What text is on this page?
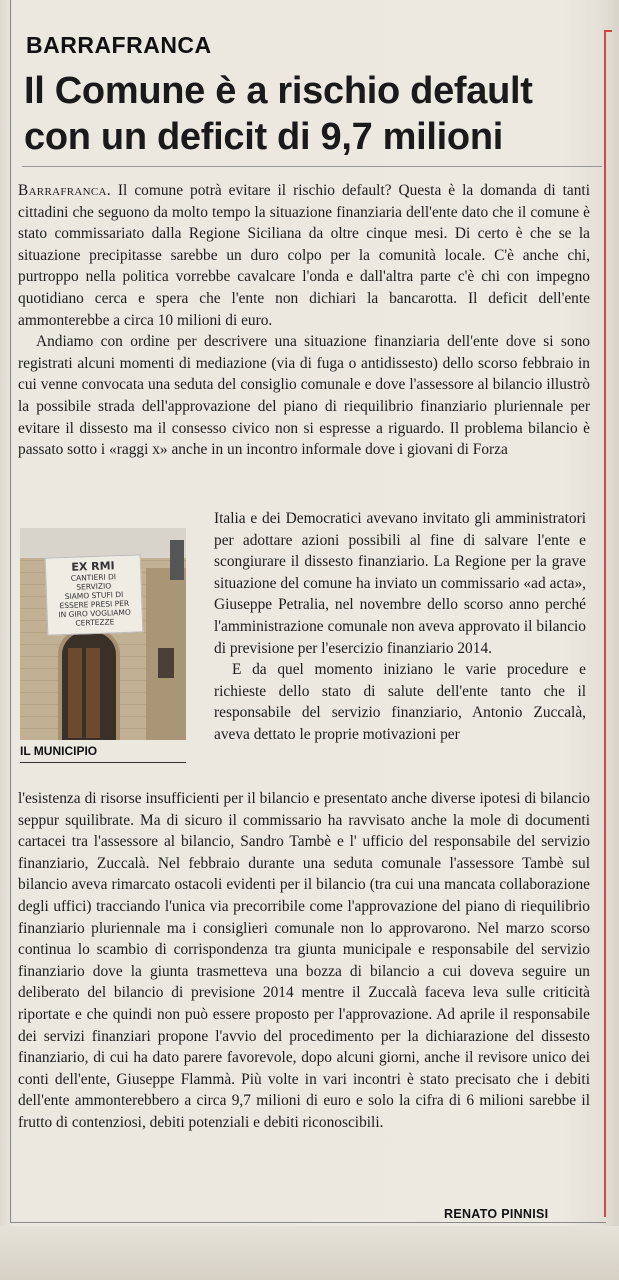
BARRAFRANCA
Il Comune è a rischio default
con un deficit di 9,7 milioni

Barrafranca. Il comune potrà evitare il rischio default? Questa è la domanda di tanti cittadini che seguono da molto tempo la situazione finanziaria dell'ente dato che il comune è stato commissariato dalla Regione Siciliana da oltre cinque mesi. Di certo è che se la situazione precipitasse sarebbe un duro colpo per la comunità locale. C'è anche chi, purtroppo nella politica vorrebbe cavalcare l'onda e dall'altra parte c'è chi con impegno quotidiano cerca e spera che l'ente non dichiari la bancarotta. Il deficit dell'ente ammonterebbe a circa 10 milioni di euro.

Andiamo con ordine per descrivere una situazione finanziaria dell'ente dove si sono registrati alcuni momenti di mediazione (via di fuga o antidissesto) dello scorso febbraio in cui venne convocata una seduta del consiglio comunale e dove l'assessore al bilancio illustrò la possibile strada dell'approvazione del piano di riequilibrio finanziario pluriennale per evitare il dissesto ma il consesso civico non si espresse a riguardo. Il problema bilancio è passato sotto i «raggi x» anche in un incontro informale dove i giovani di Forza

EX RMI
CANTIERI DI
SERVIZIO
SIAMO STUFI DI
ESSERE PRESI PER
IN GIRO VOGLIAMO
CERTEZZE
IL MUNICIPIO

Italia e dei Democratici avevano invitato gli amministratori per adottare azioni possibili al fine di salvare l'ente e scongiurare il dissesto finanziario. La Regione per la grave situazione del comune ha inviato un commissario «ad acta», Giuseppe Petralia, nel novembre dello scorso anno perché l'amministrazione comunale non aveva approvato il bilancio di previsione per l'esercizio finanziario 2014.

E da quel momento iniziano le varie procedure e richieste dello stato di salute dell'ente tanto che il responsabile del servizio finanziario, Antonio Zuccalà, aveva dettato le proprie motivazioni per

l'esistenza di risorse insufficienti per il bilancio e presentato anche diverse ipotesi di bilancio seppur squilibrate. Ma di sicuro il commissario ha ravvisato anche la mole di documenti cartacei tra l'assessore al bilancio, Sandro Tambè e l' ufficio del responsabile del servizio finanziario, Zuccalà. Nel febbraio durante una seduta comunale l'assessore Tambè sul bilancio aveva rimarcato ostacoli evidenti per il bilancio (tra cui una mancata collaborazione degli uffici) tracciando l'unica via precorribile come l'approvazione del piano di riequilibrio finanziario pluriennale ma i consiglieri comunale non lo approvarono. Nel marzo scorso continua lo scambio di corrispondenza tra giunta municipale e responsabile del servizio finanziario dove la giunta trasmetteva una bozza di bilancio a cui doveva seguire un deliberato del bilancio di previsione 2014 mentre il Zuccalà faceva leva sulle criticità riportate e che quindi non può essere proposto per l'approvazione. Ad aprile il responsabile dei servizi finanziari propone l'avvio del procedimento per la dichiarazione del dissesto finanziario, di cui ha dato parere favorevole, dopo alcuni giorni, anche il revisore unico dei conti dell'ente, Giuseppe Flammà. Più volte in vari incontri è stato precisato che i debiti dell'ente ammonterebbero a circa 9,7 milioni di euro e solo la cifra di 6 milioni sarebbe il frutto di contenziosi, debiti potenziali e debiti riconoscibili.

RENATO PINNISI
